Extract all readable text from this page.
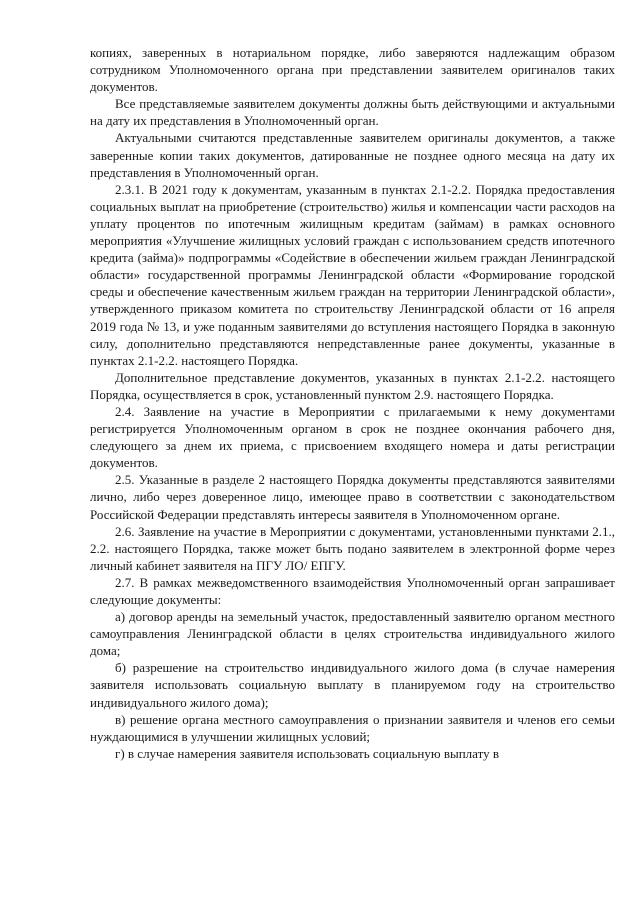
копиях, заверенных в нотариальном порядке, либо заверяются надлежащим образом сотрудником Уполномоченного органа при представлении заявителем оригиналов таких документов.

Все представляемые заявителем документы должны быть действующими и актуальными на дату их представления в Уполномоченный орган.

Актуальными считаются представленные заявителем оригиналы документов, а также заверенные копии таких документов, датированные не позднее одного месяца на дату их представления в Уполномоченный орган.

2.3.1. В 2021 году к документам, указанным в пунктах 2.1-2.2. Порядка предоставления социальных выплат на приобретение (строительство) жилья и компенсации части расходов на уплату процентов по ипотечным жилищным кредитам (займам) в рамках основного мероприятия «Улучшение жилищных условий граждан с использованием средств ипотечного кредита (займа)» подпрограммы «Содействие в обеспечении жильем граждан Ленинградской области» государственной программы Ленинградской области «Формирование городской среды и обеспечение качественным жильем граждан на территории Ленинградской области», утвержденного приказом комитета по строительству Ленинградской области от 16 апреля 2019 года № 13, и уже поданным заявителями до вступления настоящего Порядка в законную силу, дополнительно представляются непредставленные ранее документы, указанные в пунктах 2.1-2.2. настоящего Порядка.

Дополнительное представление документов, указанных в пунктах 2.1-2.2. настоящего Порядка, осуществляется в срок, установленный пунктом 2.9. настоящего Порядка.

2.4. Заявление на участие в Мероприятии с прилагаемыми к нему документами регистрируется Уполномоченным органом в срок не позднее окончания рабочего дня, следующего за днем их приема, с присвоением входящего номера и даты регистрации документов.

2.5. Указанные в разделе 2 настоящего Порядка документы представляются заявителями лично, либо через доверенное лицо, имеющее право в соответствии с законодательством Российской Федерации представлять интересы заявителя в Уполномоченном органе.

2.6. Заявление на участие в Мероприятии с документами, установленными пунктами 2.1., 2.2. настоящего Порядка, также может быть подано заявителем в электронной форме через личный кабинет заявителя на ПГУ ЛО/ ЕПГУ.

2.7. В рамках межведомственного взаимодействия Уполномоченный орган запрашивает следующие документы:

а) договор аренды на земельный участок, предоставленный заявителю органом местного самоуправления Ленинградской области в целях строительства индивидуального жилого дома;

б) разрешение на строительство индивидуального жилого дома (в случае намерения заявителя использовать социальную выплату в планируемом году на строительство индивидуального жилого дома);

в) решение органа местного самоуправления о признании заявителя и членов его семьи нуждающимися в улучшении жилищных условий;

г) в случае намерения заявителя использовать социальную выплату в
